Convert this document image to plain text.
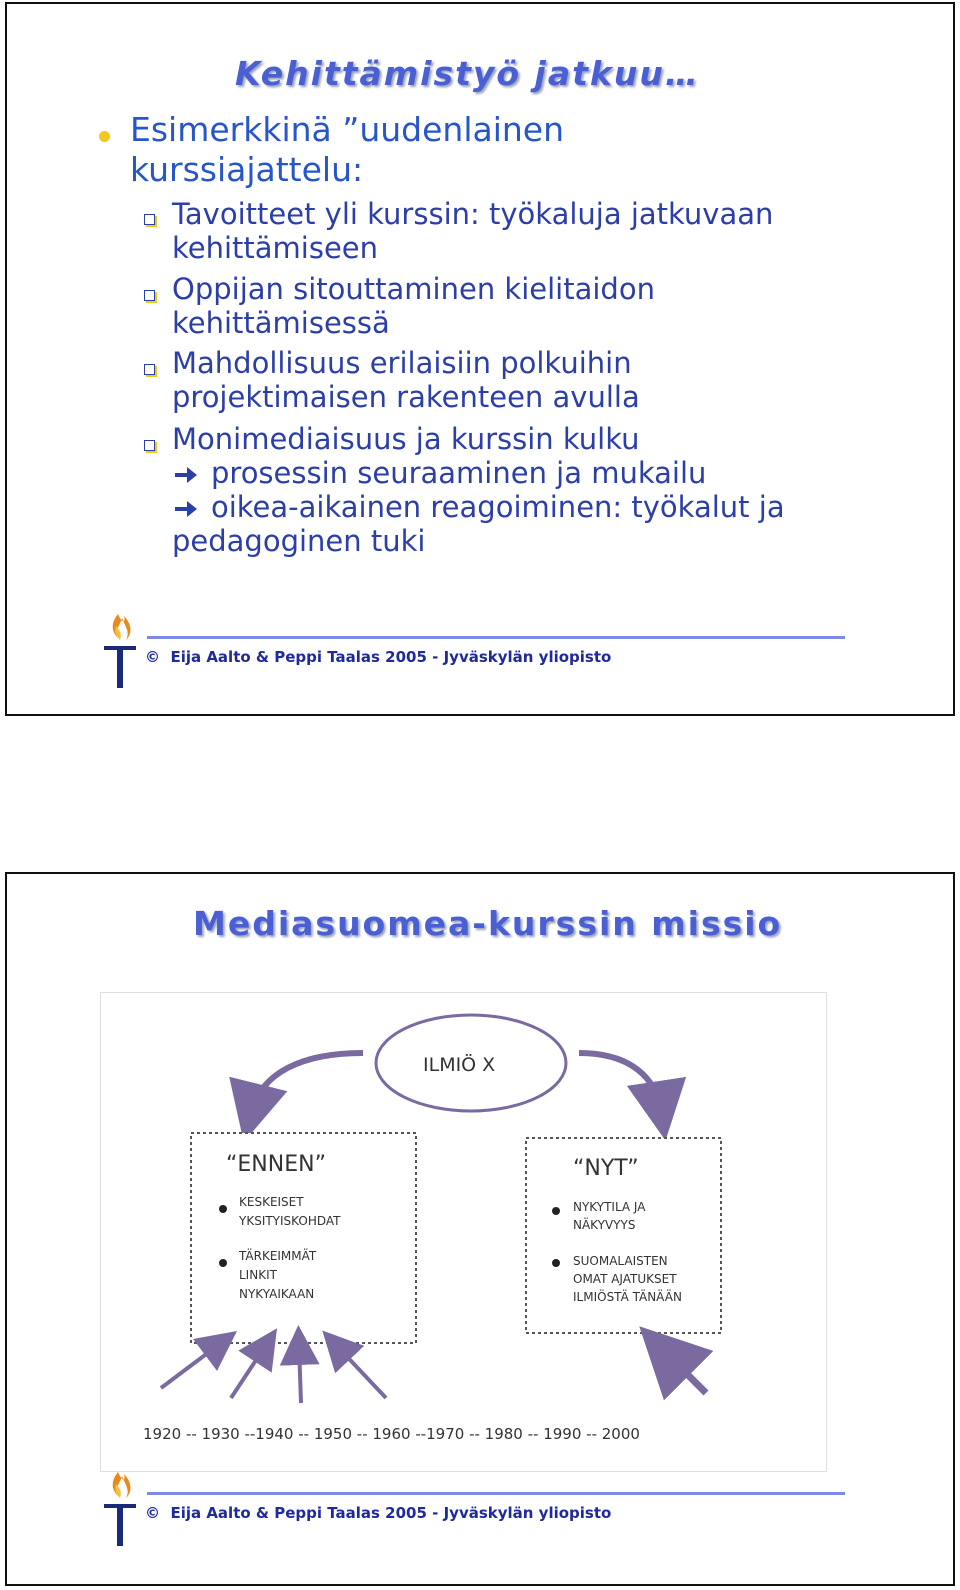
Kehittämistyö jatkuu…
Esimerkkinä ”uudenlainen
kurssiajattelu:
Tavoitteet yli kurssin: työkaluja jatkuvaan
kehittämiseen
Oppijan sitouttaminen kielitaidon
kehittämisessä
Mahdollisuus erilaisiin polkuihin
projektimaisen rakenteen avulla
Monimediaisuus ja kurssin kulku
prosessin seuraaminen ja mukailu
oikea-aikainen reagoiminen: työkalut ja
pedagoginen tuki
© Eija Aalto & Peppi Taalas 2005 - Jyväskylän yliopisto
Mediasuomea-kurssin missio
ILMIÖ X
“ENNEN”
KESKEISET
YKSITYISKOHDAT
TÄRKEIMMÄT
LINKIT
NYKYAIKAAN
“NYT”
NYKYTILA JA
NÄKYVYYS
SUOMALAISTEN
OMAT AJATUKSET
ILMIÖSTÄ TÄNÄÄN
1920 -- 1930 --1940 -- 1950 -- 1960 --1970 -- 1980 -- 1990 -- 2000
© Eija Aalto & Peppi Taalas 2005 - Jyväskylän yliopisto
